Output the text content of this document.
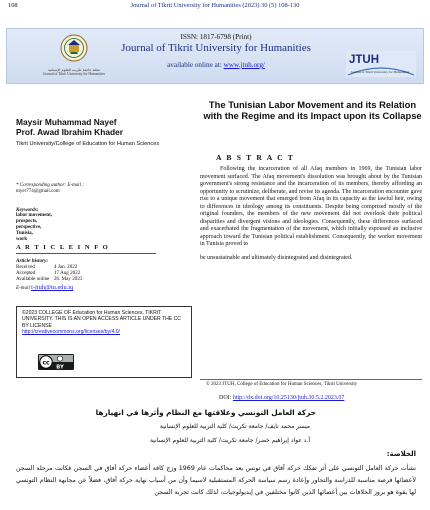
108	Journal of Tikrit University for Humanities (2023) 30 (5) 108-130
ISSN: 1817-6798 (Print)
Journal of Tikrit University for Humanities
available online at: www.jtuh.org/
مجلة جامعة تكريت للعلوم الإنسانية
Journal of Tikrit University for Humanities
JTUH
Journal of Tikrit University for Humanities
Maysir Muhammad Nayef
Prof. Awad Ibrahim Khader
Tikrit University/College of Education for Human Sciences
The Tunisian Labor Movement and its Relation with the Regime and its Impact upon its Collapse
A B S T R A C T
* Corresponding author: E-mail :
myer774@gmail.com
Keywords:
labor movement,
prospects,
perspective,
Tunisia,
work
A R T I C L E I N F O
Article history:
Received	4 Jan. 2022
Accepted	17 Aug 2022
Available online 26. May 2023
E-mail t-jtuh@tu.edu.iq
©2023 COLLEGE OF Education for Human Sciences, TIKRIT UNIVERSITY. THIS IS AN OPEN ACCESS ARTICLE UNDER THE CC BY LICENSE
http://creativecommons.org/licenses/by/4.0/
cc
BY

Following the incarceration of all Afaq members in 1969, the Tunisian labor movement surfaced. The Afaq movement's dissolution was brought about by the Tunisian government's strong resistance and the incarceration of its members, thereby affording an opportunity to scrutinize, deliberate, and revise its agenda. The incarceration encounter gave rise to a unique movement that emerged from Afaq in its capacity as the lawful heir, owing to differences in ideology among its constituents. Despite being comprised mostly of the original founders, the members of the new movement did not overlook their political disparities and divergent visions and ideologies. Consequently, these differences surfaced and exacerbated the fragmentation of the movement, which initially espoused an inclusive approach toward the Tunisian political establishment. Consequently, the worker movement in Tunisia proved to

be unsustainable and ultimately disintegrated and disintegrated.
© 2023 JTUH, College of Education for Human Sciences, Tikrit University
DOI: http://dx.doi.org/10.25130/jtuh.30.5.2.2023.07
حركة العامل التونسي وعلاقتها مع النظام وأثرها في انهيارها
ميسر محمد نايف/ جامعة تكريت/ كلية التربية للعلوم الإنسانية
أ.د عواد إبراهيم خضر/ جامعة تكريت/ كلية التربية للعلوم الإنسانية
الخلاصة:
نشأت حركة العامل التونسي على أثر تفكك حركة آفاق في تونس بعد محاكمات عام 1969 وزج كافة أعضاء حركة آفاق في السجن فكانت مرحلة السجن لأعضائها فرصة مناسبة للدراسة والتحاور وإعادة رسم سياسة الحركة المستقبلية لاسيما وأن من أسباب نهاية حركة آفاق، فضلاً عن مجابهة النظام التونسي لها بقوة هو بروز الخلافات بين أعضائها الذين كانوا مختلفين في إيديولوجيات، لذلك كانت تجربة السجن
